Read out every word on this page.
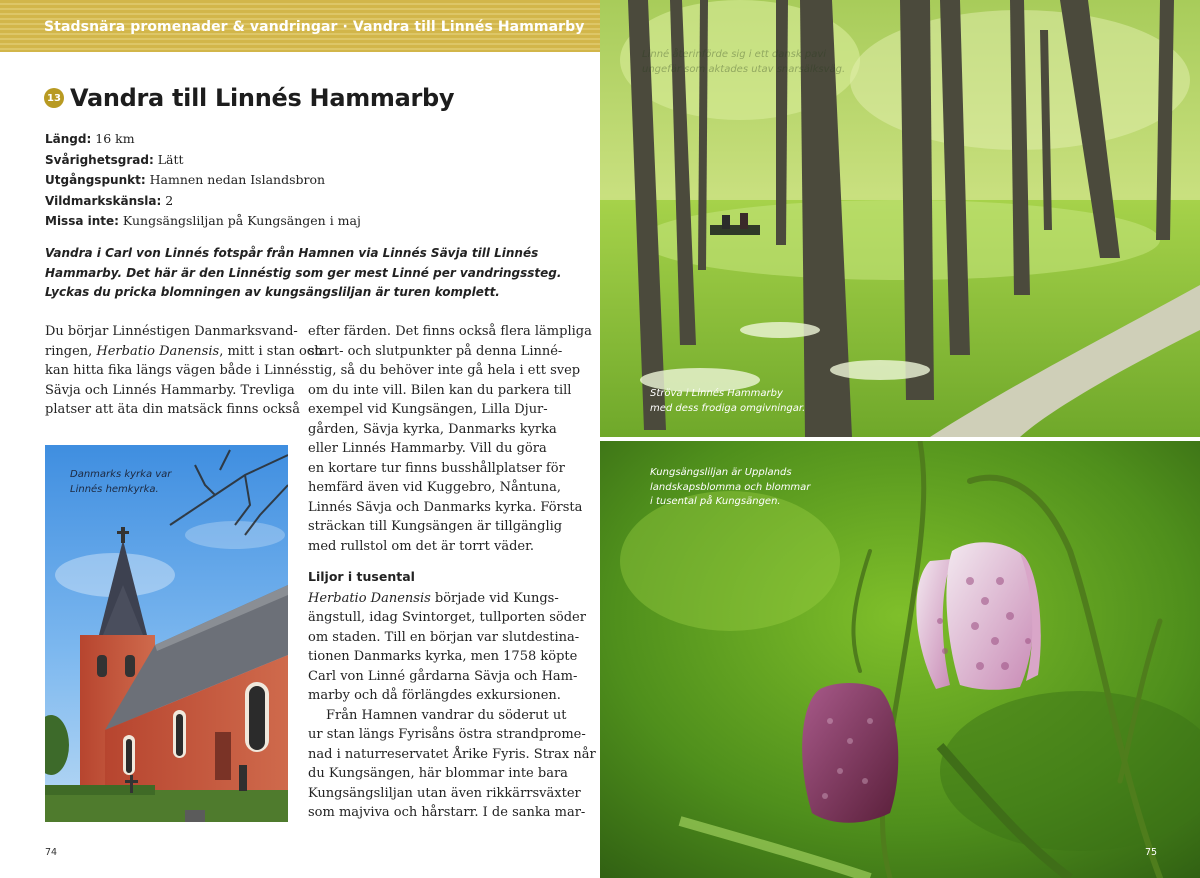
Stadsnära promenader & vandringar · Vandra till Linnés Hammarby
13 Vandra till Linnés Hammarby
Längd: 16 km
Svårighetsgrad: Lätt
Utgångspunkt: Hamnen nedan Islandsbron
Vildmarkskänsla: 2
Missa inte: Kungsängsliljan på Kungsängen i maj
Vandra i Carl von Linnés fotspår från Hamnen via Linnés Sävja till Linnés
Hammarby. Det här är den Linnéstig som ger mest Linné per vandringssteg.
Lyckas du pricka blomningen av kungsängsliljan är turen komplett.
Du börjar Linnéstigen Danmarksvand-
ringen, Herbatio Danensis, mitt i stan och
kan hitta fika längs vägen både i Linnés
Sävja och Linnés Hammarby. Trevliga
platser att äta din matsäck finns också
Danmarks kyrka var
Linnés hemkyrka.
efter färden. Det finns också flera lämpliga
start- och slutpunkter på denna Linné-
stig, så du behöver inte gå hela i ett svep
om du inte vill. Bilen kan du parkera till
exempel vid Kungsängen, Lilla Djur-
gården, Sävja kyrka, Danmarks kyrka
eller Linnés Hammarby. Vill du göra
en kortare tur finns busshållplatser för
hemfärd även vid Kuggebro, Nåntuna,
Linnés Sävja och Danmarks kyrka. Första
sträckan till Kungsängen är tillgänglig
med rullstol om det är torrt väder.
Liljor i tusental
Herbatio Danensis började vid Kungs-
ängstull, idag Svintorget, tullporten söder
om staden. Till en början var slutdestina-
tionen Danmarks kyrka, men 1758 köpte
Carl von Linné gårdarna Sävja och Ham-
marby och då förlängdes exkursionen.
Från Hamnen vandrar du söderut ut
ur stan längs Fyrisåns östra strandprome-
nad i naturreservatet Årike Fyris. Strax når
du Kungsängen, här blommar inte bara
Kungsängsliljan utan även rikkärrsväxter
som majviva och hårstarr. I de sanka mar-
74
Linné återinförde sig i ett dansk pavi
ungefär som aktades utav snarsälksväg.
Ströva i Linnés Hammarby
med dess frodiga omgivningar.
Kungsängsliljan är Upplands
landskapsblomma och blommar
i tusental på Kungsängen.
75
